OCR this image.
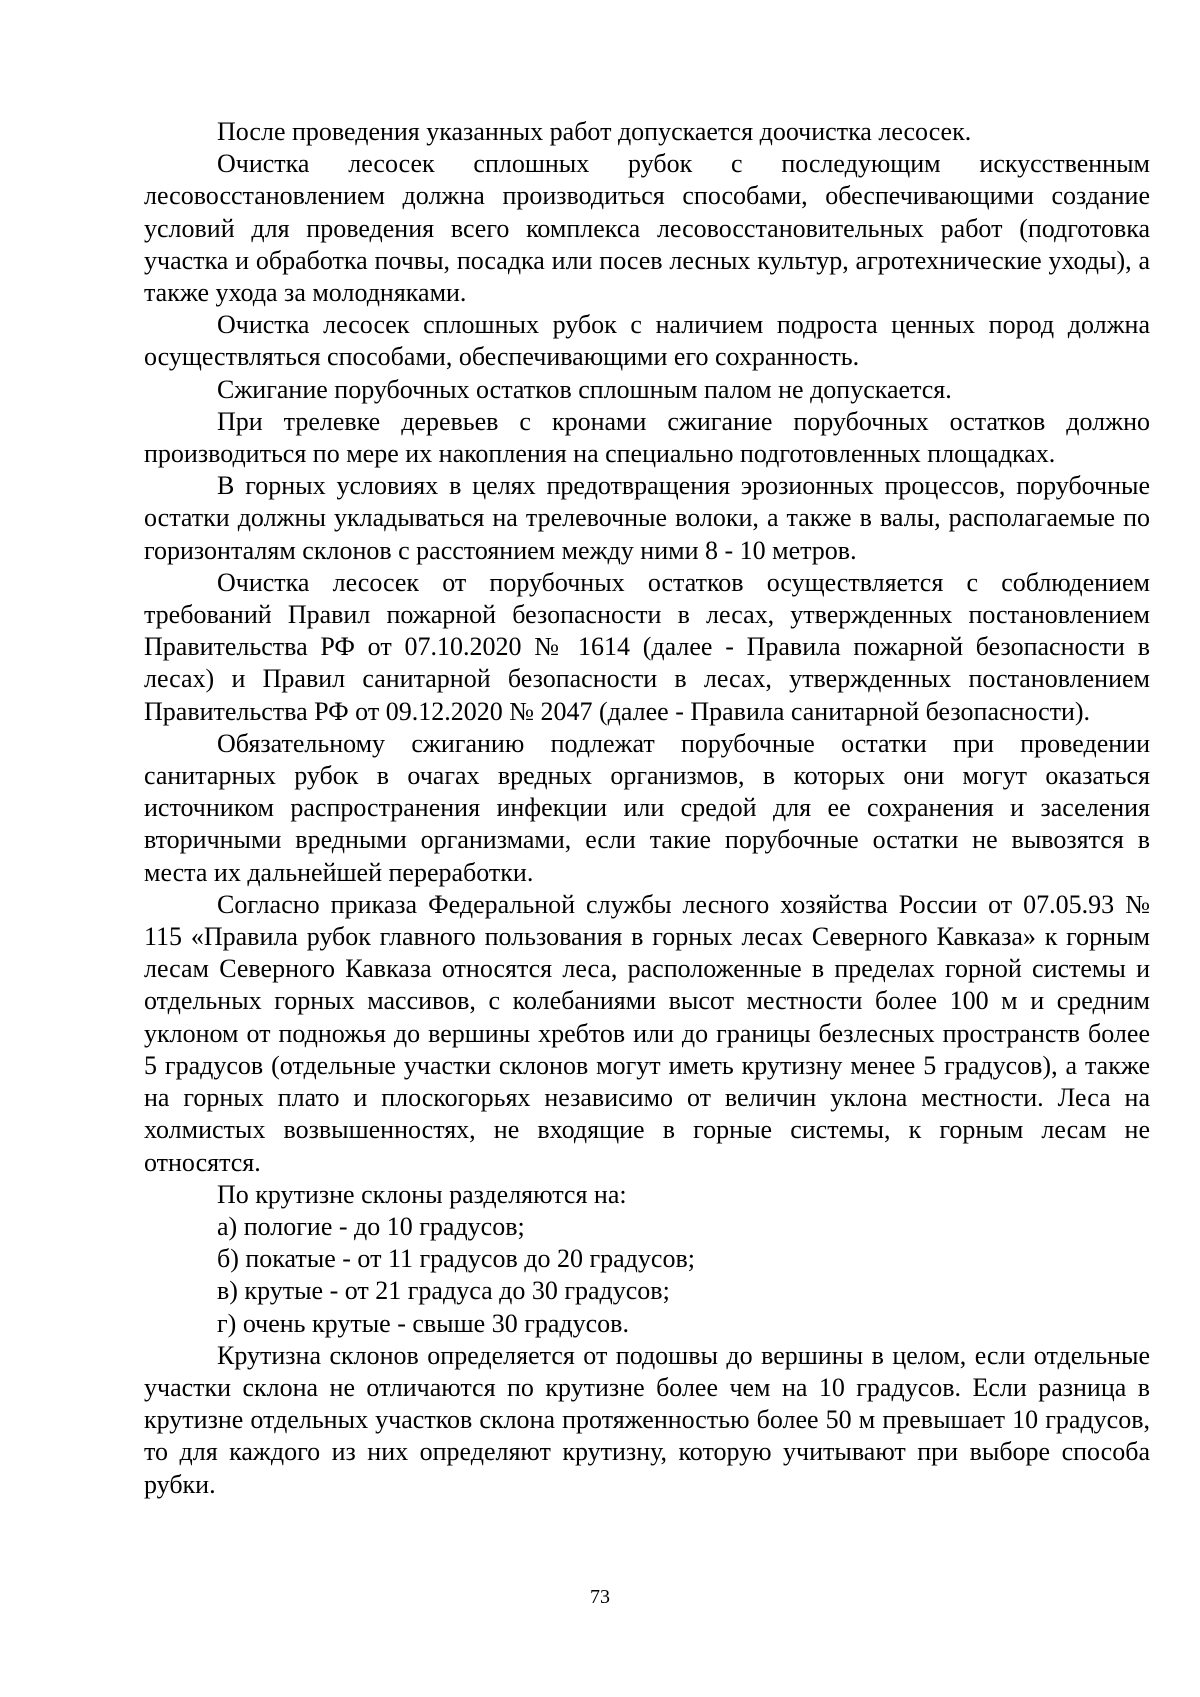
После проведения указанных работ допускается доочистка лесосек.

Очистка лесосек сплошных рубок с последующим искусственным лесовосстановлением должна производиться способами, обеспечивающими создание условий для проведения всего комплекса лесовосстановительных работ (подготовка участка и обработка почвы, посадка или посев лесных культур, агротехнические уходы), а также ухода за молодняками.

Очистка лесосек сплошных рубок с наличием подроста ценных пород должна осуществляться способами, обеспечивающими его сохранность.

Сжигание порубочных остатков сплошным палом не допускается.

При трелевке деревьев с кронами сжигание порубочных остатков должно производиться по мере их накопления на специально подготовленных площадках.

В горных условиях в целях предотвращения эрозионных процессов, порубочные остатки должны укладываться на трелевочные волоки, а также в валы, располагаемые по горизонталям склонов с расстоянием между ними 8 - 10 метров.

Очистка лесосек от порубочных остатков осуществляется с соблюдением требований Правил пожарной безопасности в лесах, утвержденных постановлением Правительства РФ от 07.10.2020 № 1614 (далее - Правила пожарной безопасности в лесах) и Правил санитарной безопасности в лесах, утвержденных постановлением Правительства РФ от 09.12.2020 № 2047 (далее - Правила санитарной безопасности).

Обязательному сжиганию подлежат порубочные остатки при проведении санитарных рубок в очагах вредных организмов, в которых они могут оказаться источником распространения инфекции или средой для ее сохранения и заселения вторичными вредными организмами, если такие порубочные остатки не вывозятся в места их дальнейшей переработки.

Согласно приказа Федеральной службы лесного хозяйства России от 07.05.93 № 115 «Правила рубок главного пользования в горных лесах Северного Кавказа» к горным лесам Северного Кавказа относятся леса, расположенные в пределах горной системы и отдельных горных массивов, с колебаниями высот местности более 100 м и средним уклоном от подножья до вершины хребтов или до границы безлесных пространств более 5 градусов (отдельные участки склонов могут иметь крутизну менее 5 градусов), а также на горных плато и плоскогорьях независимо от величин уклона местности. Леса на холмистых возвышенностях, не входящие в горные системы, к горным лесам не относятся.

По крутизне склоны разделяются на:

а) пологие - до 10 градусов;

б) покатые - от 11 градусов до 20 градусов;

в) крутые - от 21 градуса до 30 градусов;

г) очень крутые - свыше 30 градусов.

Крутизна склонов определяется от подошвы до вершины в целом, если отдельные участки склона не отличаются по крутизне более чем на 10 градусов. Если разница в крутизне отдельных участков склона протяженностью более 50 м превышает 10 градусов, то для каждого из них определяют крутизну, которую учитывают при выборе способа рубки.

73
